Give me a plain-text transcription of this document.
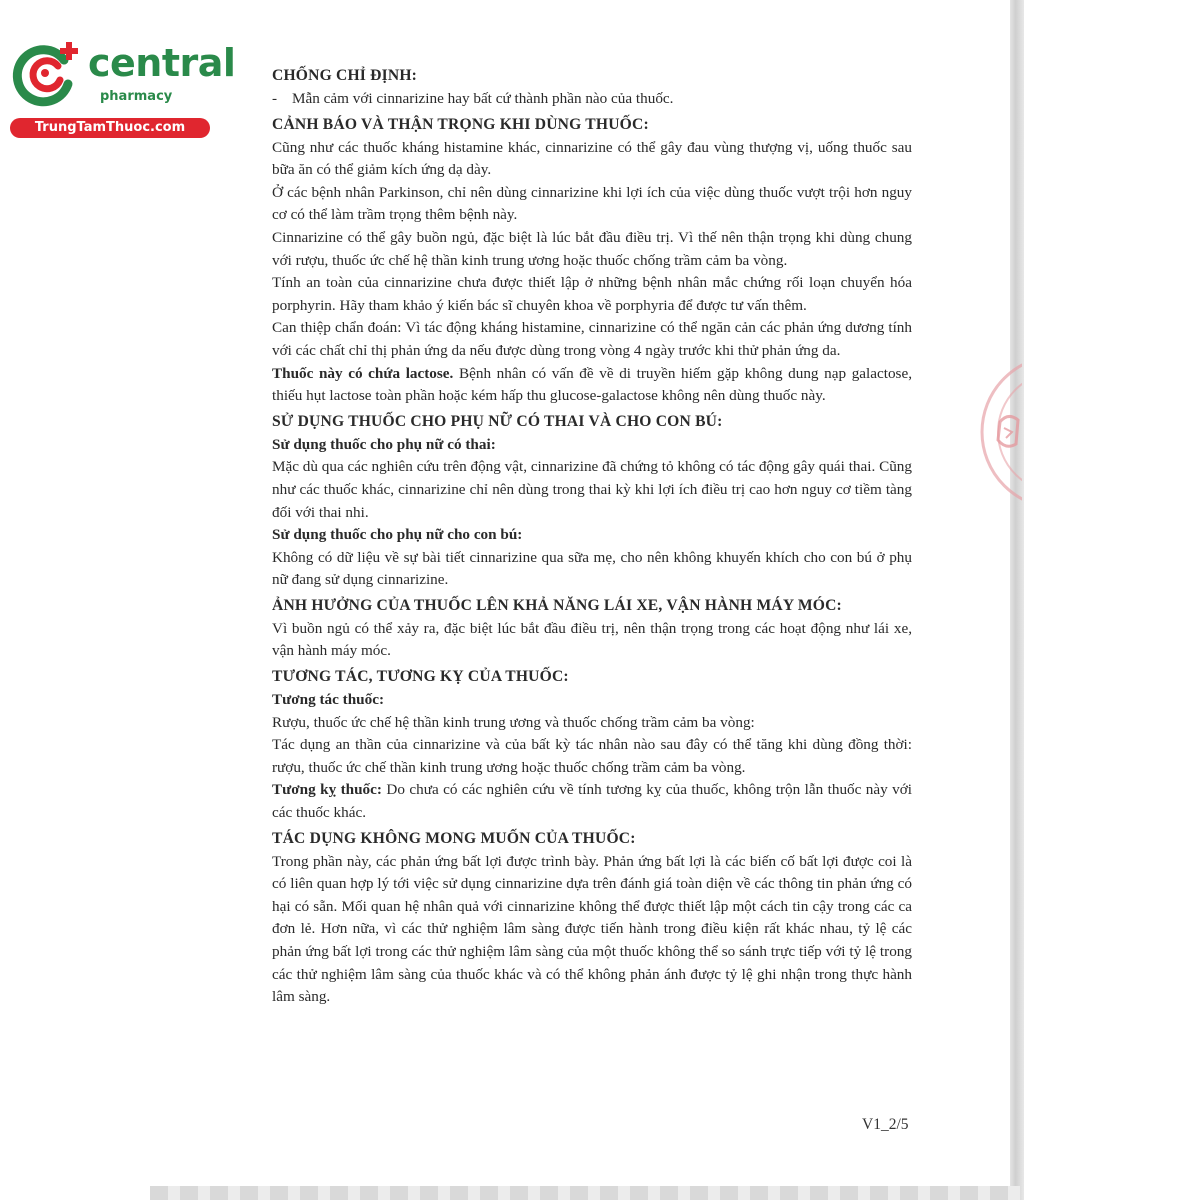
central
pharmacy
TrungTamThuoc.com
CHỐNG CHỈ ĐỊNH:
- Mẫn cảm với cinnarizine hay bất cứ thành phần nào của thuốc.
CẢNH BÁO VÀ THẬN TRỌNG KHI DÙNG THUỐC:

Cũng như các thuốc kháng histamine khác, cinnarizine có thể gây đau vùng thượng vị, uống thuốc sau bữa ăn có thể giảm kích ứng dạ dày.

Ở các bệnh nhân Parkinson, chỉ nên dùng cinnarizine khi lợi ích của việc dùng thuốc vượt trội hơn nguy cơ có thể làm trầm trọng thêm bệnh này.

Cinnarizine có thể gây buồn ngủ, đặc biệt là lúc bắt đầu điều trị. Vì thế nên thận trọng khi dùng chung với rượu, thuốc ức chế hệ thần kinh trung ương hoặc thuốc chống trầm cảm ba vòng.

Tính an toàn của cinnarizine chưa được thiết lập ở những bệnh nhân mắc chứng rối loạn chuyển hóa porphyrin. Hãy tham khảo ý kiến bác sĩ chuyên khoa về porphyria để được tư vấn thêm.

Can thiệp chẩn đoán: Vì tác động kháng histamine, cinnarizine có thể ngăn cản các phản ứng dương tính với các chất chỉ thị phản ứng da nếu được dùng trong vòng 4 ngày trước khi thử phản ứng da.

Thuốc này có chứa lactose. Bệnh nhân có vấn đề về di truyền hiếm gặp không dung nạp galactose, thiếu hụt lactose toàn phần hoặc kém hấp thu glucose-galactose không nên dùng thuốc này.

SỬ DỤNG THUỐC CHO PHỤ NỮ CÓ THAI VÀ CHO CON BÚ:
Sử dụng thuốc cho phụ nữ có thai:

Mặc dù qua các nghiên cứu trên động vật, cinnarizine đã chứng tỏ không có tác động gây quái thai. Cũng như các thuốc khác, cinnarizine chỉ nên dùng trong thai kỳ khi lợi ích điều trị cao hơn nguy cơ tiềm tàng đối với thai nhi.

Sử dụng thuốc cho phụ nữ cho con bú:

Không có dữ liệu về sự bài tiết cinnarizine qua sữa mẹ, cho nên không khuyến khích cho con bú ở phụ nữ đang sử dụng cinnarizine.

ẢNH HƯỞNG CỦA THUỐC LÊN KHẢ NĂNG LÁI XE, VẬN HÀNH MÁY MÓC:

Vì buồn ngủ có thể xảy ra, đặc biệt lúc bắt đầu điều trị, nên thận trọng trong các hoạt động như lái xe, vận hành máy móc.

TƯƠNG TÁC, TƯƠNG KỴ CỦA THUỐC:
Tương tác thuốc:

Rượu, thuốc ức chế hệ thần kinh trung ương và thuốc chống trầm cảm ba vòng:

Tác dụng an thần của cinnarizine và của bất kỳ tác nhân nào sau đây có thể tăng khi dùng đồng thời: rượu, thuốc ức chế thần kinh trung ương hoặc thuốc chống trầm cảm ba vòng.

Tương kỵ thuốc: Do chưa có các nghiên cứu về tính tương kỵ của thuốc, không trộn lẫn thuốc này với các thuốc khác.

TÁC DỤNG KHÔNG MONG MUỐN CỦA THUỐC:

Trong phần này, các phản ứng bất lợi được trình bày. Phản ứng bất lợi là các biến cố bất lợi được coi là có liên quan hợp lý tới việc sử dụng cinnarizine dựa trên đánh giá toàn diện về các thông tin phản ứng có hại có sẵn. Mối quan hệ nhân quả với cinnarizine không thể được thiết lập một cách tin cậy trong các ca đơn lẻ. Hơn nữa, vì các thử nghiệm lâm sàng được tiến hành trong điều kiện rất khác nhau, tỷ lệ các phản ứng bất lợi trong các thử nghiệm lâm sàng của một thuốc không thể so sánh trực tiếp với tỷ lệ trong các thử nghiệm lâm sàng của thuốc khác và có thể không phản ánh được tỷ lệ ghi nhận trong thực hành lâm sàng.

V1_2/5
